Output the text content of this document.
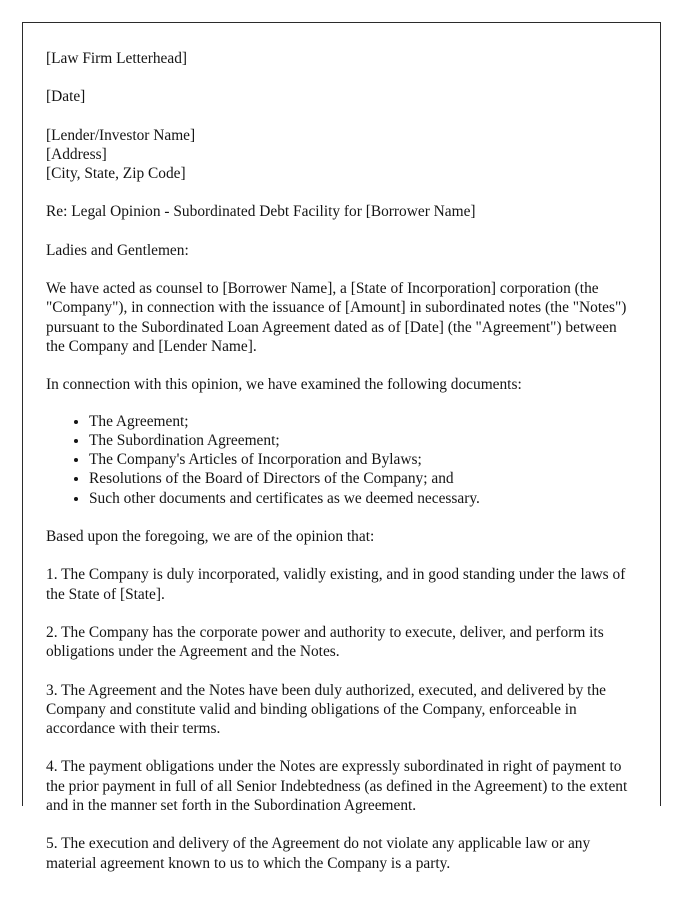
[Law Firm Letterhead]

[Date]

[Lender/Investor Name]

[Address]

[City, State, Zip Code]

Re: Legal Opinion - Subordinated Debt Facility for [Borrower Name]

Ladies and Gentlemen:

We have acted as counsel to [Borrower Name], a [State of Incorporation] corporation (the "Company"), in connection with the issuance of [Amount] in subordinated notes (the "Notes") pursuant to the Subordinated Loan Agreement dated as of [Date] (the "Agreement") between the Company and [Lender Name].

In connection with this opinion, we have examined the following documents:

• The Agreement;
• The Subordination Agreement;
• The Company's Articles of Incorporation and Bylaws;
• Resolutions of the Board of Directors of the Company; and
• Such other documents and certificates as we deemed necessary.

Based upon the foregoing, we are of the opinion that:

1. The Company is duly incorporated, validly existing, and in good standing under the laws of the State of [State].

2. The Company has the corporate power and authority to execute, deliver, and perform its obligations under the Agreement and the Notes.

3. The Agreement and the Notes have been duly authorized, executed, and delivered by the Company and constitute valid and binding obligations of the Company, enforceable in accordance with their terms.

4. The payment obligations under the Notes are expressly subordinated in right of payment to the prior payment in full of all Senior Indebtedness (as defined in the Agreement) to the extent and in the manner set forth in the Subordination Agreement.

5. The execution and delivery of the Agreement do not violate any applicable law or any material agreement known to us to which the Company is a party.
